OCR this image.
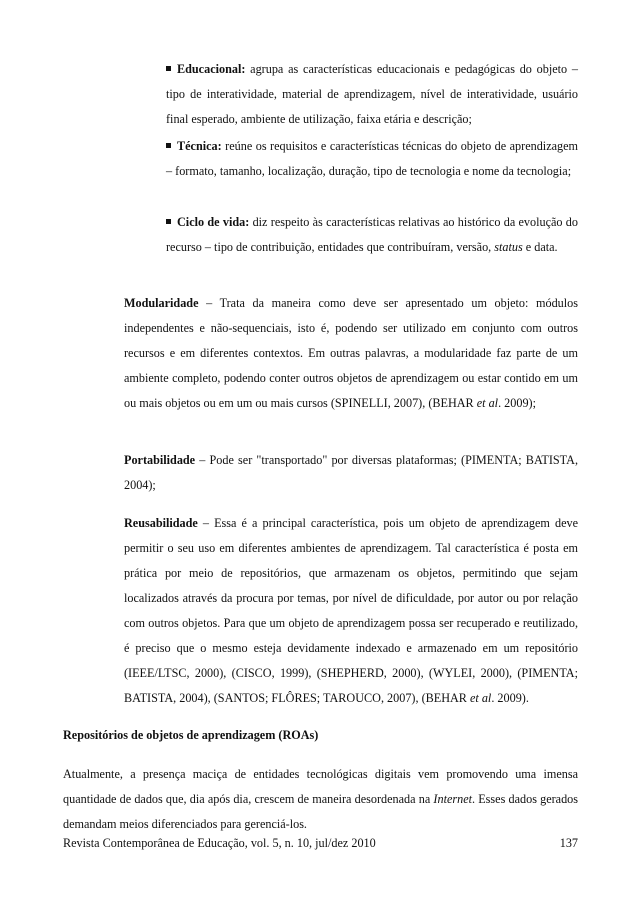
Educacional: agrupa as características educacionais e pedagógicas do objeto – tipo de interatividade, material de aprendizagem, nível de interatividade, usuário final esperado, ambiente de utilização, faixa etária e descrição;
Técnica: reúne os requisitos e características técnicas do objeto de aprendizagem – formato, tamanho, localização, duração, tipo de tecnologia e nome da tecnologia;
Ciclo de vida: diz respeito às características relativas ao histórico da evolução do recurso – tipo de contribuição, entidades que contribuíram, versão, status e data.
Modularidade – Trata da maneira como deve ser apresentado um objeto: módulos independentes e não-sequenciais, isto é, podendo ser utilizado em conjunto com outros recursos e em diferentes contextos. Em outras palavras, a modularidade faz parte de um ambiente completo, podendo conter outros objetos de aprendizagem ou estar contido em um ou mais objetos ou em um ou mais cursos (SPINELLI, 2007), (BEHAR et al. 2009);
Portabilidade – Pode ser "transportado" por diversas plataformas; (PIMENTA; BATISTA, 2004);
Reusabilidade – Essa é a principal característica, pois um objeto de aprendizagem deve permitir o seu uso em diferentes ambientes de aprendizagem. Tal característica é posta em prática por meio de repositórios, que armazenam os objetos, permitindo que sejam localizados através da procura por temas, por nível de dificuldade, por autor ou por relação com outros objetos. Para que um objeto de aprendizagem possa ser recuperado e reutilizado, é preciso que o mesmo esteja devidamente indexado e armazenado em um repositório (IEEE/LTSC, 2000), (CISCO, 1999), (SHEPHERD, 2000), (WYLEI, 2000), (PIMENTA; BATISTA, 2004), (SANTOS; FLÔRES; TAROUCO, 2007), (BEHAR et al. 2009).
Repositórios de objetos de aprendizagem (ROAs)
Atualmente, a presença maciça de entidades tecnológicas digitais vem promovendo uma imensa quantidade de dados que, dia após dia, crescem de maneira desordenada na Internet. Esses dados gerados demandam meios diferenciados para gerenciá-los.
Revista Contemporânea de Educação, vol. 5, n. 10, jul/dez 2010	137
